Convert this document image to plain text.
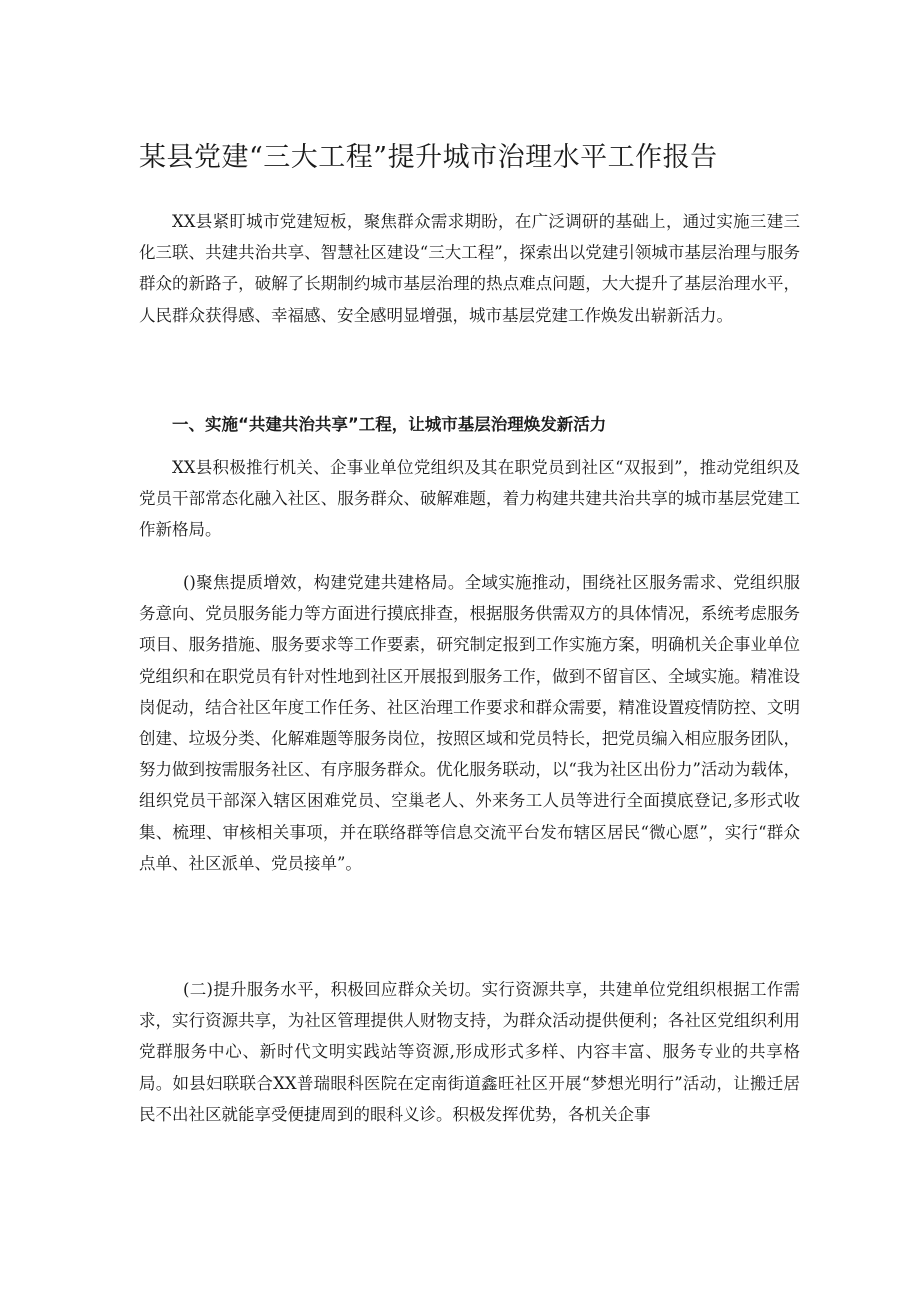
某县党建“三大工程”提升城市治理水平工作报告

XX县紧盯城市党建短板，聚焦群众需求期盼，在广泛调研的基础上，通过实施三建三化三联、共建共治共享、智慧社区建设“三大工程”，探索出以党建引领城市基层治理与服务群众的新路子，破解了长期制约城市基层治理的热点难点问题，大大提升了基层治理水平，人民群众获得感、幸福感、安全感明显增强，城市基层党建工作焕发出崭新活力。

一、实施“共建共治共享”工程，让城市基层治理焕发新活力

XX县积极推行机关、企事业单位党组织及其在职党员到社区“双报到”，推动党组织及党员干部常态化融入社区、服务群众、破解难题，着力构建共建共治共享的城市基层党建工作新格局。

()聚焦提质增效，构建党建共建格局。全域实施推动，围绕社区服务需求、党组织服务意向、党员服务能力等方面进行摸底排查，根据服务供需双方的具体情况，系统考虑服务项目、服务措施、服务要求等工作要素，研究制定报到工作实施方案，明确机关企事业单位党组织和在职党员有针对性地到社区开展报到服务工作，做到不留盲区、全域实施。精准设岗促动，结合社区年度工作任务、社区治理工作要求和群众需要，精准设置疫情防控、文明创建、垃圾分类、化解难题等服务岗位，按照区域和党员特长，把党员编入相应服务团队，努力做到按需服务社区、有序服务群众。优化服务联动，以“我为社区出份力”活动为载体，组织党员干部深入辖区困难党员、空巢老人、外来务工人员等进行全面摸底登记,多形式收集、梳理、审核相关事项，并在联络群等信息交流平台发布辖区居民“微心愿”，实行“群众点单、社区派单、党员接单”。

(二)提升服务水平，积极回应群众关切。实行资源共享，共建单位党组织根据工作需求，实行资源共享，为社区管理提供人财物支持，为群众活动提供便利；各社区党组织利用党群服务中心、新时代文明实践站等资源,形成形式多样、内容丰富、服务专业的共享格局。如县妇联联合XX普瑞眼科医院在定南街道鑫旺社区开展“梦想光明行”活动，让搬迁居民不出社区就能享受便捷周到的眼科义诊。积极发挥优势，各机关企事
